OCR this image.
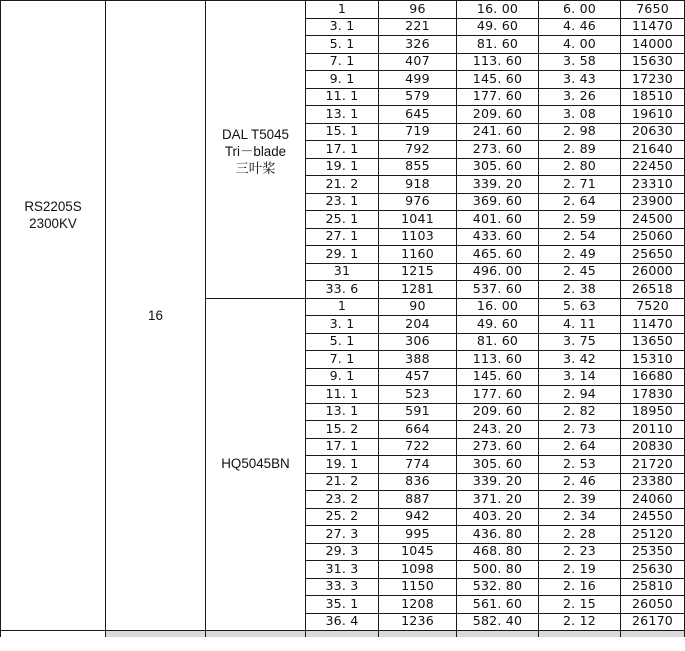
RS2205S
2300KV	16	DAL T5045
Tri－blade
三叶桨	1	96	16. 00	6. 00	7650
			3. 1	221	49. 60	4. 46	11470
			5. 1	326	81. 60	4. 00	14000
			7. 1	407	113. 60	3. 58	15630
			9. 1	499	145. 60	3. 43	17230
			11. 1	579	177. 60	3. 26	18510
			13. 1	645	209. 60	3. 08	19610
			15. 1	719	241. 60	2. 98	20630
			17. 1	792	273. 60	2. 89	21640
			19. 1	855	305. 60	2. 80	22450
			21. 2	918	339. 20	2. 71	23310
			23. 1	976	369. 60	2. 64	23900
			25. 1	1041	401. 60	2. 59	24500
			27. 1	1103	433. 60	2. 54	25060
			29. 1	1160	465. 60	2. 49	25650
			31	1215	496. 00	2. 45	26000
			33. 6	1281	537. 60	2. 38	26518

		HQ5045BN	1	90	16. 00	5. 63	7520
			3. 1	204	49. 60	4. 11	11470
			5. 1	306	81. 60	3. 75	13650
			7. 1	388	113. 60	3. 42	15310
			9. 1	457	145. 60	3. 14	16680
			11. 1	523	177. 60	2. 94	17830
			13. 1	591	209. 60	2. 82	18950
			15. 2	664	243. 20	2. 73	20110
			17. 1	722	273. 60	2. 64	20830
			19. 1	774	305. 60	2. 53	21720
			21. 2	836	339. 20	2. 46	23380
			23. 2	887	371. 20	2. 39	24060
			25. 2	942	403. 20	2. 34	24550
			27. 3	995	436. 80	2. 28	25120
			29. 3	1045	468. 80	2. 23	25350
			31. 3	1098	500. 80	2. 19	25630
			33. 3	1150	532. 80	2. 16	25810
			35. 1	1208	561. 60	2. 15	26050
			36. 4	1236	582. 40	2. 12	26170
